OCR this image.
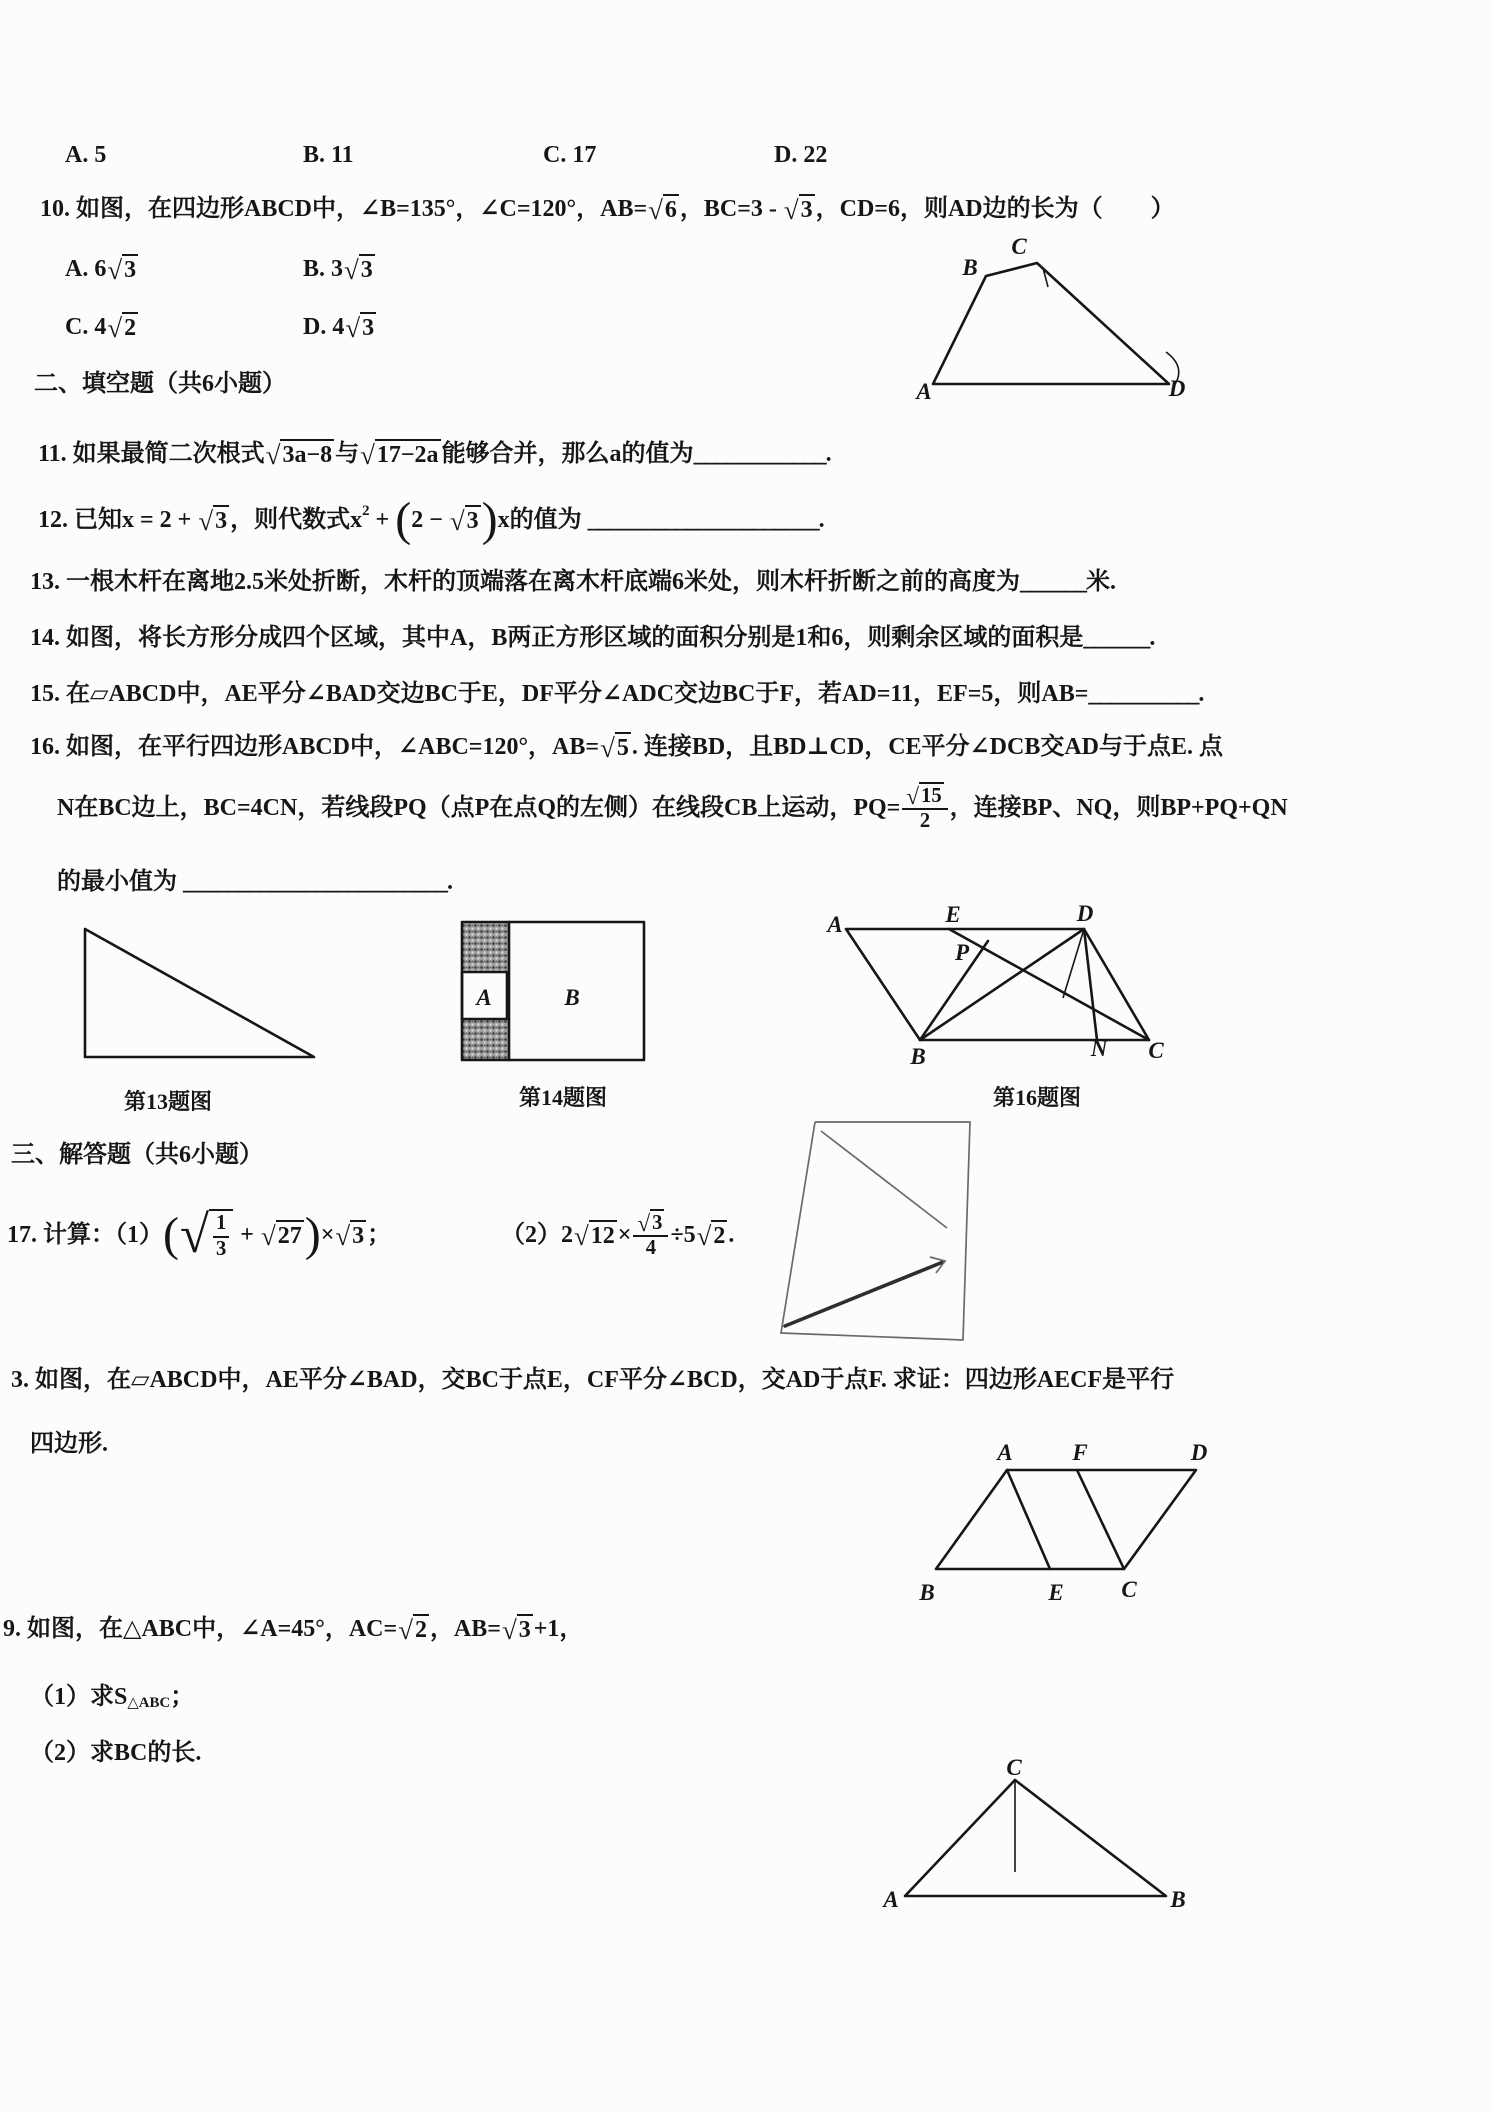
A. 5	B. 11	C. 17	D. 22
10. 如图，在四边形ABCD中，∠B=135°，∠C=120°，AB= √ 6 ，BC=3 - √ 3 ，CD=6，则AD边的长为（　　）
A. 6 √ 3	B. 3 √ 3
C. 4 √ 2	D. 4 √ 3
二、填空题（共6小题）
11. 如果最简二次根式 √ 3a−8 与 √ 17−2a 能够合并，那么a的值为 ____________ .
12. 已知x = 2 + √ 3 ，则代数式x 2 + ( 2 − √ 3 ) x的值为 _____________________ .
13. 一根木杆在离地2.5米处折断，木杆的顶端落在离木杆底端6米处，则木杆折断之前的高度为 ______ 米.
14. 如图，将长方形分成四个区域，其中A，B两正方形区域的面积分别是1和6，则剩余区域的面积是 ______ .
15. 在▱ABCD中，AE平分∠BAD交边BC于E，DF平分∠ADC交边BC于F，若AD=11，EF=5，则AB= __________ .
16. 如图，在平行四边形ABCD中，∠ABC=120°，AB= √ 5 . 连接BD，且BD⊥CD，CE平分∠DCB交AD与于点E. 点
N在BC边上，BC=4CN，若线段PQ（点P在点Q的左侧）在线段CB上运动，$PQ= \frac{√ 15}{2}$ ，连接BP、NQ，则BP+PQ+QN
的最小值为 ________________________ .
三、解答题（共6小题）
17. 计算：（1） ( √ $\frac{1}{3}$ + √ 27 ) × √ 3 ；	（2）2 √ $12 \times \frac{√ 3}{4} \div 5$ √ 2 .
3. 如图，在▱ABCD中，AE平分∠BAD，交BC于点E，CF平分∠BCD，交AD于点F. 求证：四边形AECF是平行
四边形.
9. 如图，在△ABC中，∠A=45°，AC= √ 2 ，AB= √ 3 +1，
（1）求S △ABC ；
（2）求BC的长.
A
B
C
D
第13题图
A	B
第14题图
A	E	D
P
B	N C
第16题图
A	F	D
B	E	C
C
A	B
